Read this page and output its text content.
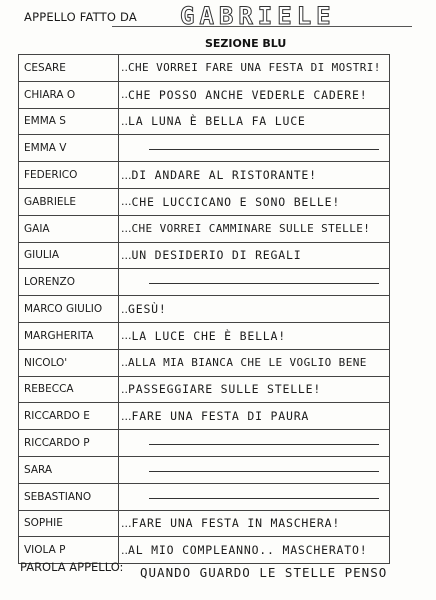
APPELLO FATTO DA GABRIELE
SEZIONE BLU
CESARE	.. CHE VORREI FARE UNA FESTA DI MOSTRI!
CHIARA O	.. CHE POSSO ANCHE VEDERLE CADERE!
EMMA S	.. LA LUNA È BELLA FA LUCE
EMMA V
FEDERICO	... DI ANDARE AL RISTORANTE!
GABRIELE	... CHE LUCCICANO E SONO BELLE!
GAIA	... CHE VORREI CAMMINARE SULLE STELLE!
GIULIA	... UN DESIDERIO DI REGALI
LORENZO
MARCO GIULIO	.. GESÙ!
MARGHERITA	... LA LUCE CHE È BELLA!
NICOLO'	.. ALLA MIA BIANCA CHE LE VOGLIO BENE
REBECCA	.. PASSEGGIARE SULLE STELLE!
RICCARDO E	... FARE UNA FESTA DI PAURA
RICCARDO P
SARA
SEBASTIANO
SOPHIE	... FARE UNA FESTA IN MASCHERA!
VIOLA P	.. AL MIO COMPLEANNO.. MASCHERATO!
PAROLA APPELLO: QUANDO GUARDO LE STELLE PENSO
